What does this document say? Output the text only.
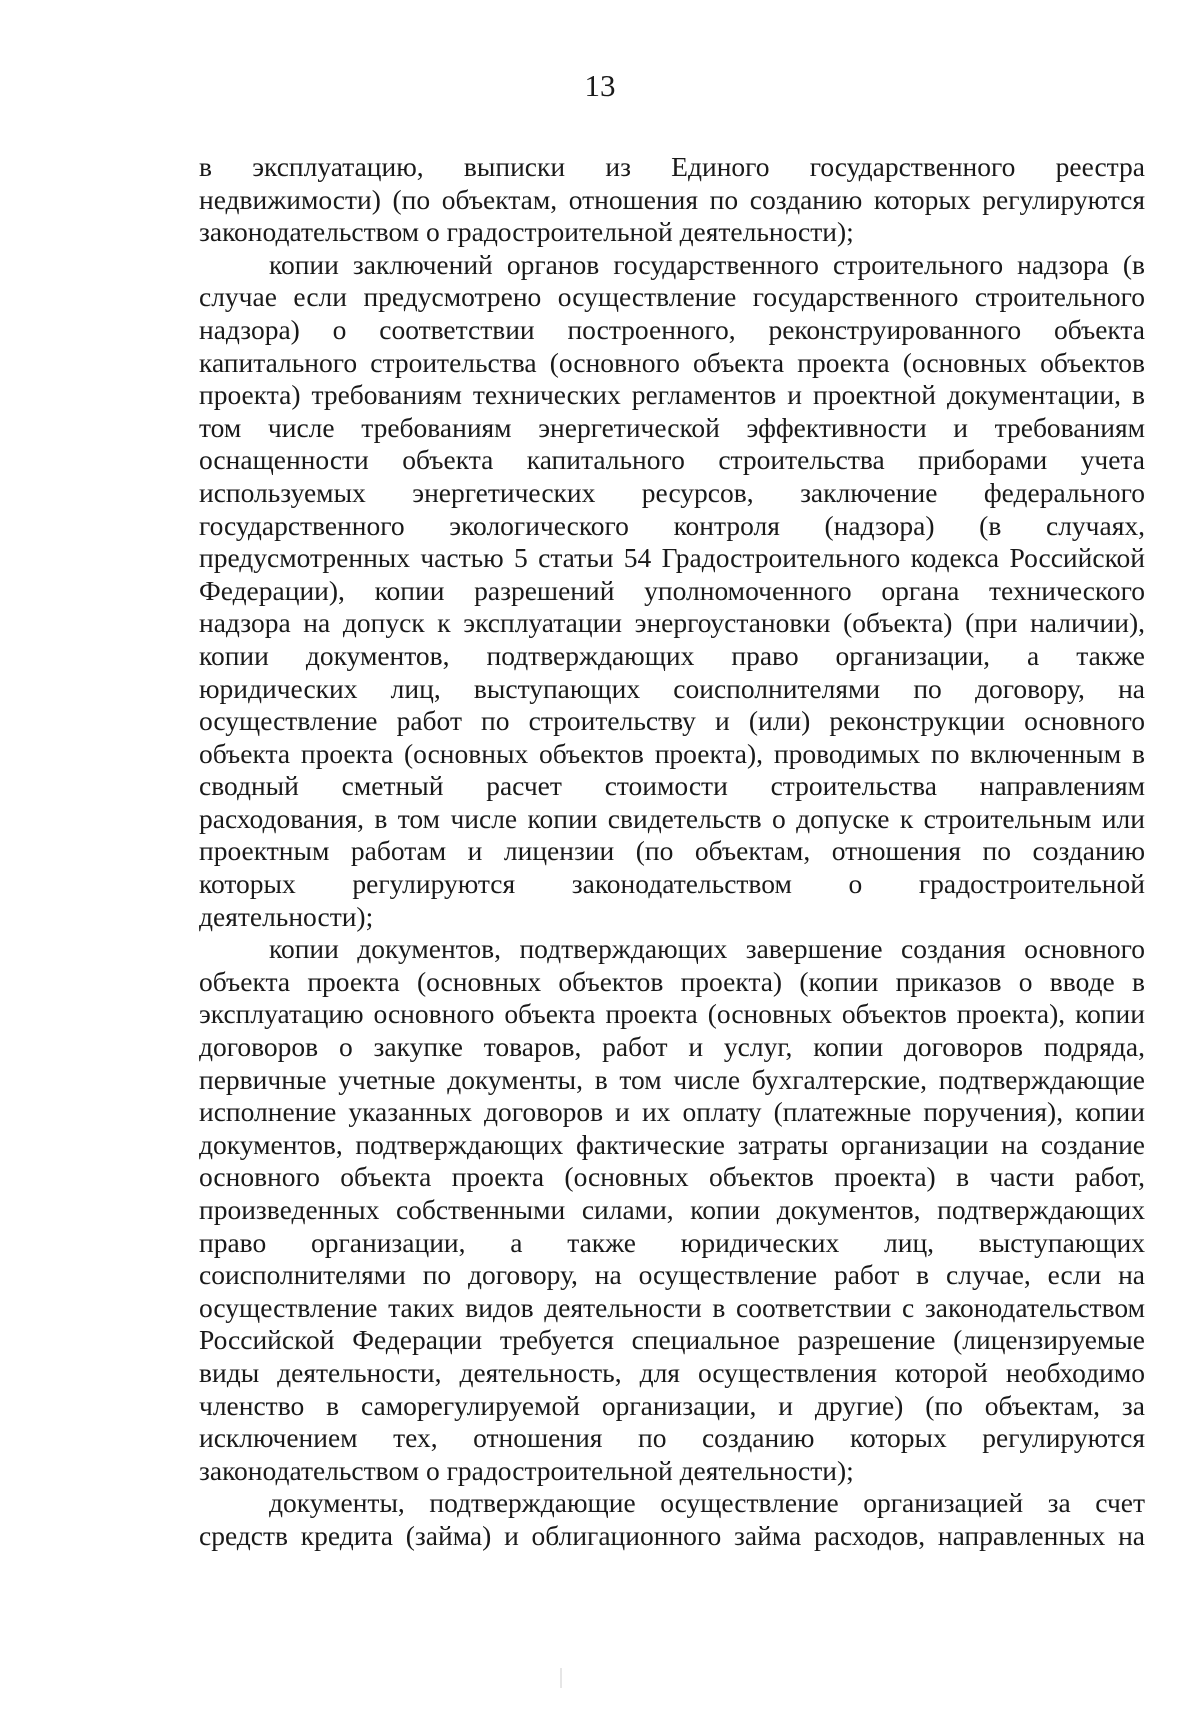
13
в эксплуатацию, выписки из Единого государственного реестра
недвижимости) (по объектам, отношения по созданию которых регулируются
законодательством о градостроительной деятельности);
копии заключений органов государственного строительного надзора (в
случае если предусмотрено осуществление государственного строительного
надзора) о соответствии построенного, реконструированного объекта
капитального строительства (основного объекта проекта (основных объектов
проекта) требованиям технических регламентов и проектной документации, в
том числе требованиям энергетической эффективности и требованиям
оснащенности объекта капитального строительства приборами учета
используемых энергетических ресурсов, заключение федерального
государственного экологического контроля (надзора) (в случаях,
предусмотренных частью 5 статьи 54 Градостроительного кодекса Российской
Федерации), копии разрешений уполномоченного органа технического
надзора на допуск к эксплуатации энергоустановки (объекта) (при наличии),
копии документов, подтверждающих право организации, а также
юридических лиц, выступающих соисполнителями по договору, на
осуществление работ по строительству и (или) реконструкции основного
объекта проекта (основных объектов проекта), проводимых по включенным в
сводный сметный расчет стоимости строительства направлениям
расходования, в том числе копии свидетельств о допуске к строительным или
проектным работам и лицензии (по объектам, отношения по созданию
которых регулируются законодательством о градостроительной
деятельности);
копии документов, подтверждающих завершение создания основного
объекта проекта (основных объектов проекта) (копии приказов о вводе в
эксплуатацию основного объекта проекта (основных объектов проекта), копии
договоров о закупке товаров, работ и услуг, копии договоров подряда,
первичные учетные документы, в том числе бухгалтерские, подтверждающие
исполнение указанных договоров и их оплату (платежные поручения), копии
документов, подтверждающих фактические затраты организации на создание
основного объекта проекта (основных объектов проекта) в части работ,
произведенных собственными силами, копии документов, подтверждающих
право организации, а также юридических лиц, выступающих
соисполнителями по договору, на осуществление работ в случае, если на
осуществление таких видов деятельности в соответствии с законодательством
Российской Федерации требуется специальное разрешение (лицензируемые
виды деятельности, деятельность, для осуществления которой необходимо
членство в саморегулируемой организации, и другие) (по объектам, за
исключением тех, отношения по созданию которых регулируются
законодательством о градостроительной деятельности);
документы, подтверждающие осуществление организацией за счет
средств кредита (займа) и облигационного займа расходов, направленных на
